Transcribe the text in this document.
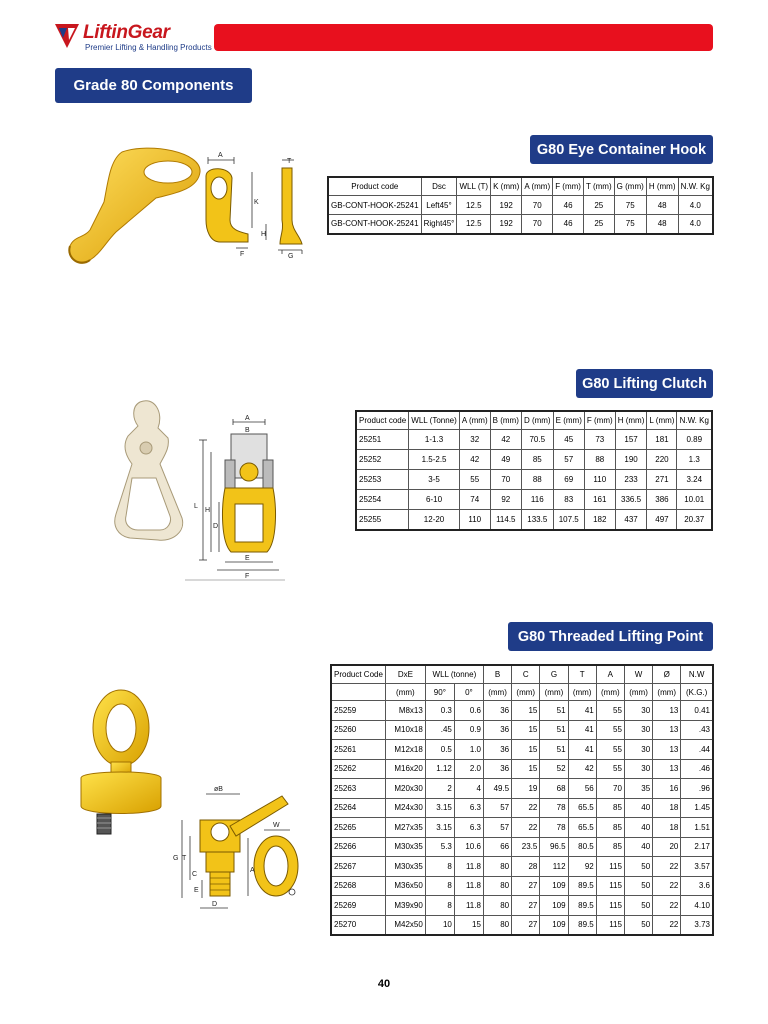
LiftinGear
Premier Lifting & Handling Products
Grade 80 Components
G80 Eye Container Hook
A
T
K
H
F	G
Product code	Dsc	WLL (T)	K (mm)	A (mm)	F (mm)	T (mm)	G (mm)	H (mm)	N.W. Kg
GB-CONT-HOOK-25241	Left45°	12.5	192	70	46	25	75	48	4.0
GB-CONT-HOOK-25241	Right45°	12.5	192	70	46	25	75	48	4.0
G80 Lifting Clutch
A
B
L
H
D
E
F
Product code	WLL (Tonne)	A (mm)	B (mm)	D (mm)	E (mm)	F (mm)	H (mm)	L (mm)	N.W. Kg
25251	1-1.3	32	42	70.5	45	73	157	181	0.89
25252	1.5-2.5	42	49	85	57	88	190	220	1.3
25253	3-5	55	70	88	69	110	233	271	3.24
25254	6-10	74	92	116	83	161	336.5	386	10.01
25255	12-20	110	114.5	133.5	107.5	182	437	497	20.37
G80 Threaded Lifting Point
øB
W
G T
C
A
E
D
Product Code	DxE	WLL (tonne)		B	C	G	T	A	W	Ø	N.W
	(mm)	90°	0°	(mm)	(mm)	(mm)	(mm)	(mm)	(mm)	(mm)	(K.G.)
25259	M8x13	0.3	0.6	36	15	51	41	55	30	13	0.41
25260	M10x18	.45	0.9	36	15	51	41	55	30	13	.43
25261	M12x18	0.5	1.0	36	15	51	41	55	30	13	.44
25262	M16x20	1.12	2.0	36	15	52	42	55	30	13	.46
25263	M20x30	2	4	49.5	19	68	56	70	35	16	.96
25264	M24x30	3.15	6.3	57	22	78	65.5	85	40	18	1.45
25265	M27x35	3.15	6.3	57	22	78	65.5	85	40	18	1.51
25266	M30x35	5.3	10.6	66	23.5	96.5	80.5	85	40	20	2.17
25267	M30x35	8	11.8	80	28	112	92	115	50	22	3.57
25268	M36x50	8	11.8	80	27	109	89.5	115	50	22	3.6
25269	M39x90	8	11.8	80	27	109	89.5	115	50	22	4.10
25270	M42x50	10	15	80	27	109	89.5	115	50	22	3.73
40
